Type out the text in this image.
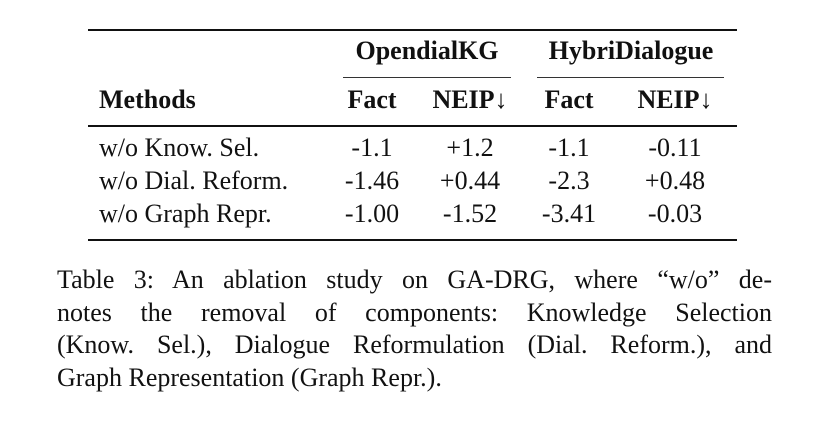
OpendialKG HybriDialogue
Methods	Fact NEIP↓ Fact NEIP↓
w/o Know. Sel.	-1.1 +1.2 -1.1 -0.11
w/o Dial. Reform. -1.46 +0.44 -2.3 +0.48
w/o Graph Repr.	-1.00 -1.52 -3.41 -0.03
Table 3: An ablation study on GA-DRG, where “w/o” de-
notes the removal of components: Knowledge Selection
(Know. Sel.), Dialogue Reformulation (Dial. Reform.), and
Graph Representation (Graph Repr.).
